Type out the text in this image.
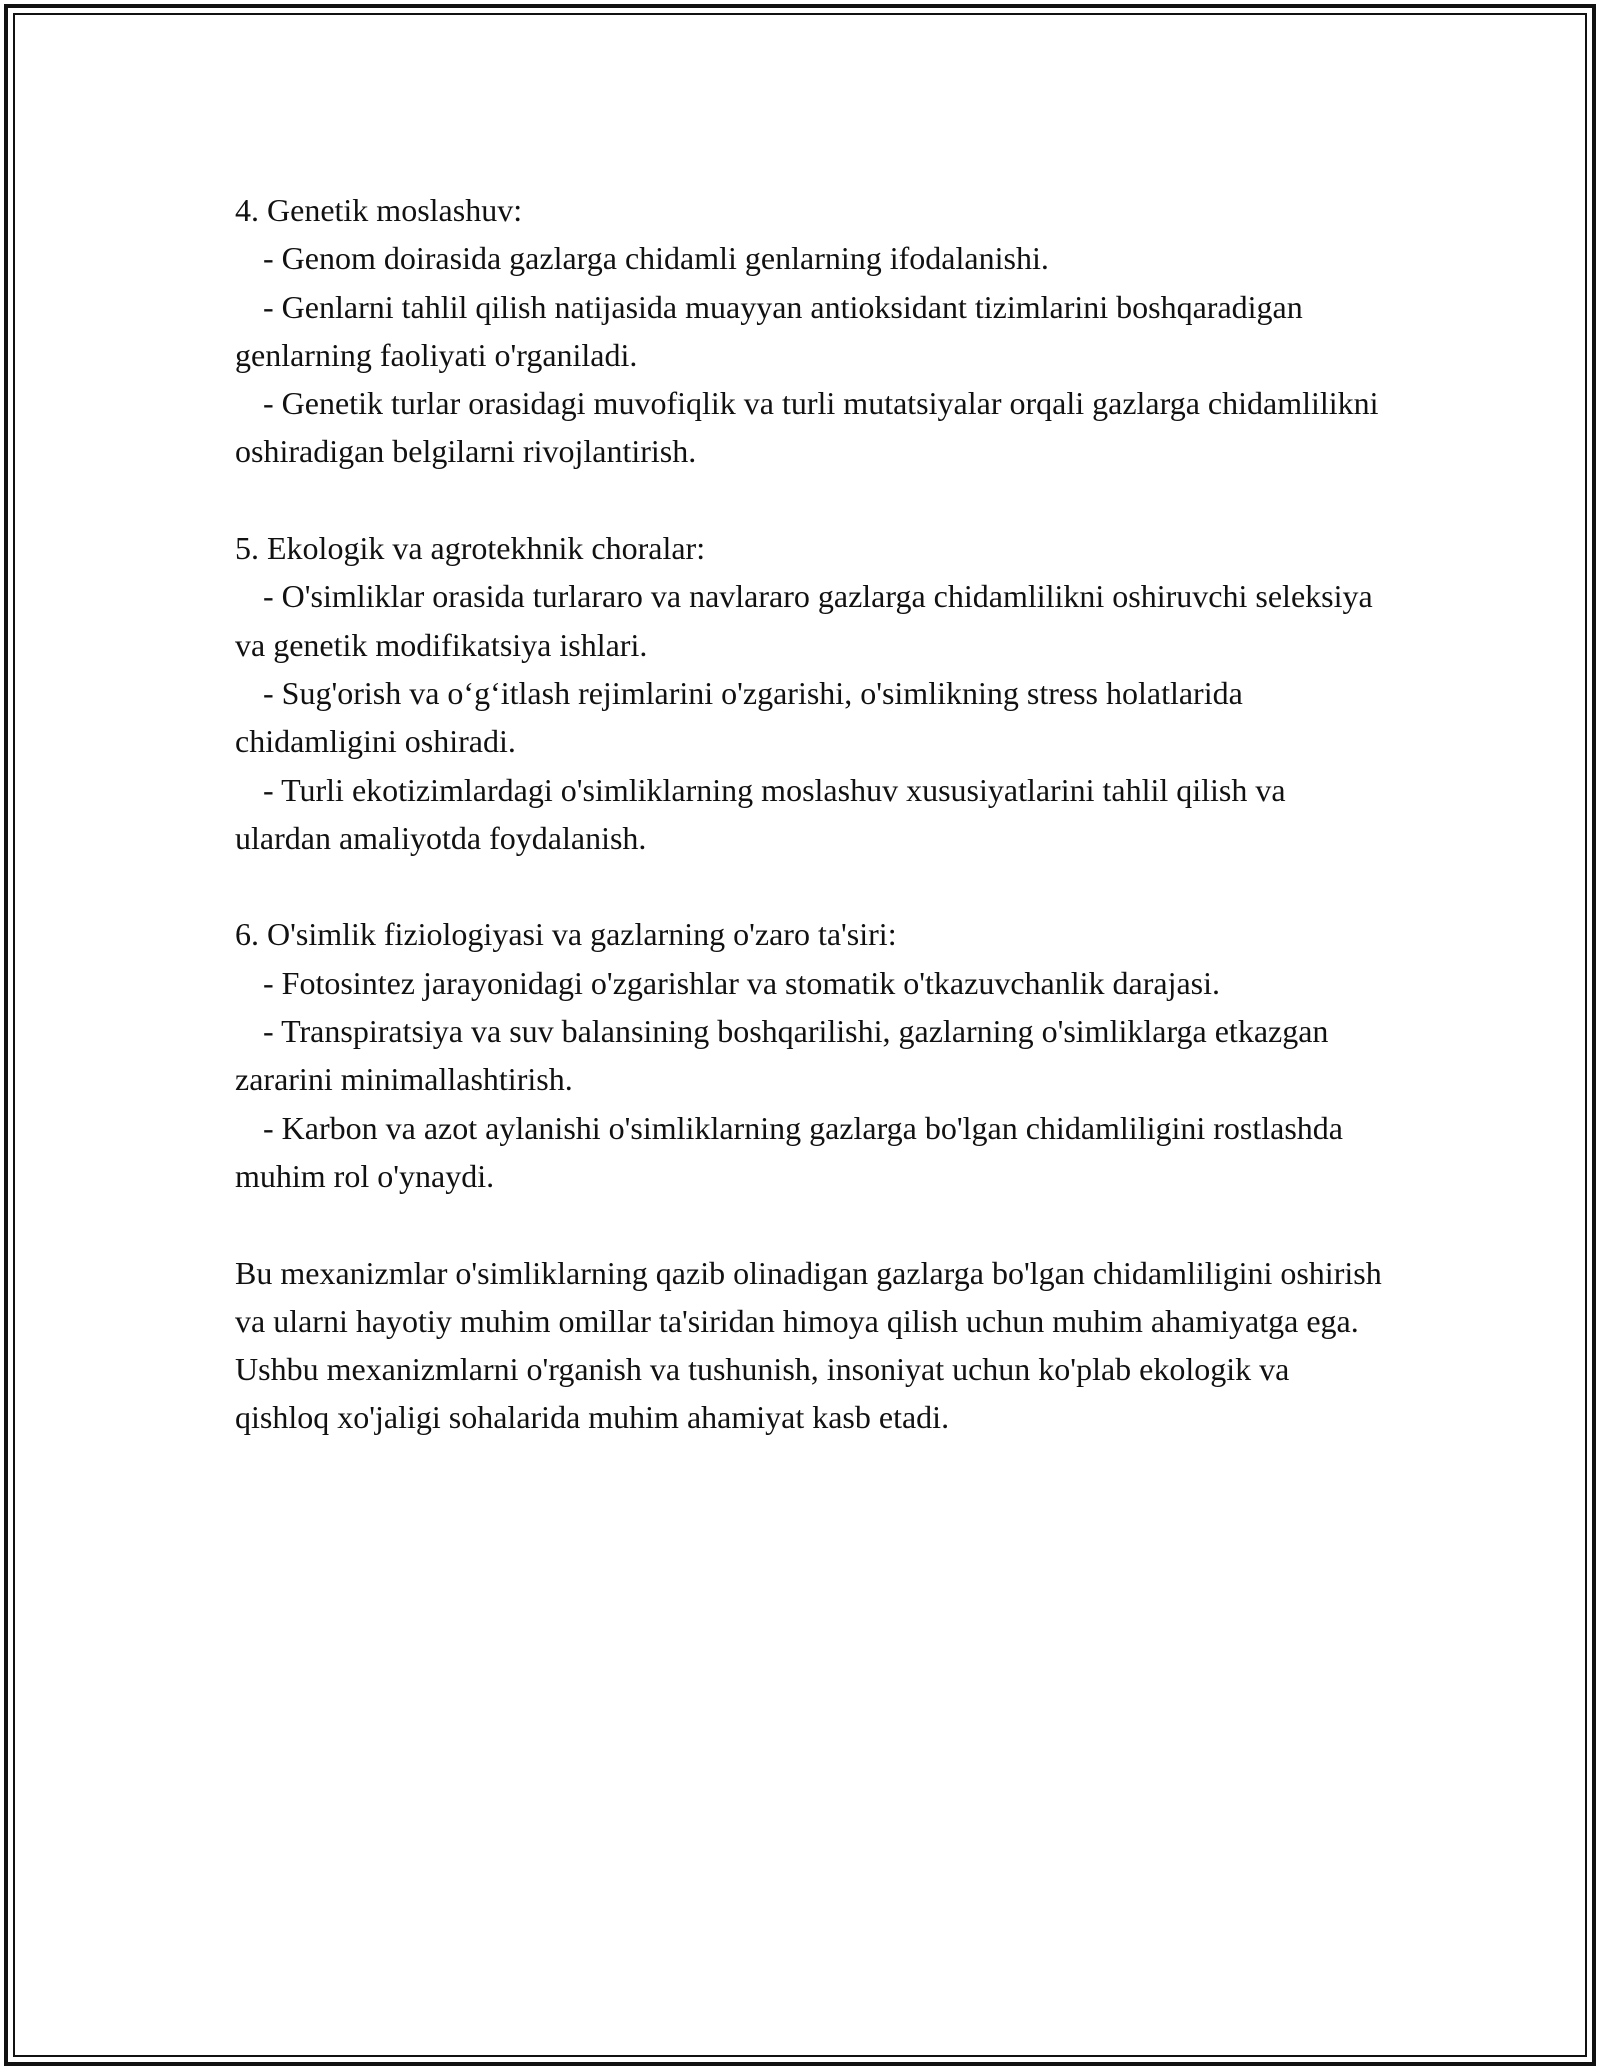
4. Genetik moslashuv:

- Genom doirasida gazlarga chidamli genlarning ifodalanishi.

- Genlarni tahlil qilish natijasida muayyan antioksidant tizimlarini boshqaradigan genlarning faoliyati o'rganiladi.

- Genetik turlar orasidagi muvofiqlik va turli mutatsiyalar orqali gazlarga chidamlilikni oshiradigan belgilarni rivojlantirish.

5. Ekologik va agrotekhnik choralar:

- O'simliklar orasida turlararo va navlararo gazlarga chidamlilikni oshiruvchi seleksiya va genetik modifikatsiya ishlari.

- Sug'orish va o‘g‘itlash rejimlarini o'zgarishi, o'simlikning stress holatlarida chidamligini oshiradi.

- Turli ekotizimlardagi o'simliklarning moslashuv xususiyatlarini tahlil qilish va ulardan amaliyotda foydalanish.

6. O'simlik fiziologiyasi va gazlarning o'zaro ta'siri:

- Fotosintez jarayonidagi o'zgarishlar va stomatik o'tkazuvchanlik darajasi.

- Transpiratsiya va suv balansining boshqarilishi, gazlarning o'simliklarga etkazgan zararini minimallashtirish.

- Karbon va azot aylanishi o'simliklarning gazlarga bo'lgan chidamliligini rostlashda muhim rol o'ynaydi.

Bu mexanizmlar o'simliklarning qazib olinadigan gazlarga bo'lgan chidamliligini oshirish va ularni hayotiy muhim omillar ta'siridan himoya qilish uchun muhim ahamiyatga ega. Ushbu mexanizmlarni o'rganish va tushunish, insoniyat uchun ko'plab ekologik va qishloq xo'jaligi sohalarida muhim ahamiyat kasb etadi.
